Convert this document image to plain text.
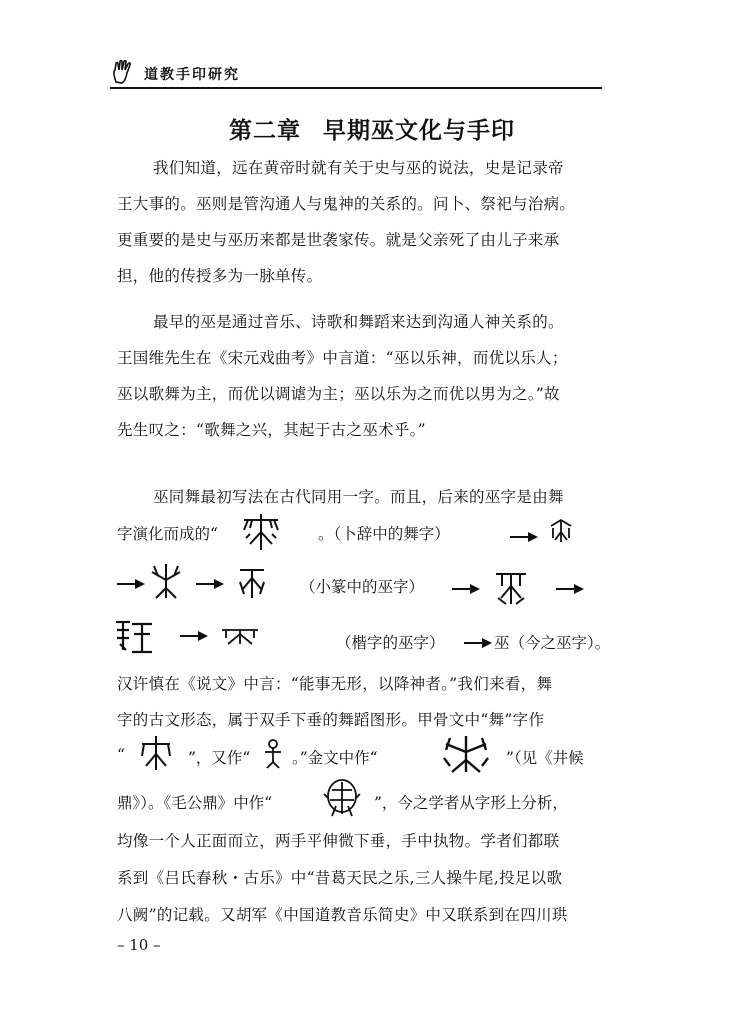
道教手印研究
第二章 早期巫文化与手印
我们知道，远在黄帝时就有关于史与巫的说法，史是记录帝
王大事的。巫则是管沟通人与鬼神的关系的。问卜、祭祀与治病。
更重要的是史与巫历来都是世袭家传。就是父亲死了由儿子来承
担，他的传授多为一脉单传。
最早的巫是通过音乐、诗歌和舞蹈来达到沟通人神关系的。
王国维先生在《宋元戏曲考》中言道：“巫以乐神，而优以乐人；
巫以歌舞为主，而优以调谑为主；巫以乐为之而优以男为之。”故
先生叹之：“歌舞之兴，其起于古之巫术乎。”
巫同舞最初写法在古代同用一字。而且，后来的巫字是由舞
字演化而成的“	。（卜辞中的舞字）
（小篆中的巫字）
（楷字的巫字）	巫（今之巫字）。
汉许慎在《说文》中言：“能事无形，以降神者。”我们来看，舞
字的古文形态，属于双手下垂的舞蹈图形。甲骨文中“舞”字作
“	”，又作“	。”金文中作“	”（见《井候
鼎》）。《毛公鼎》中作“	”，今之学者从字形上分析，
均像一个人正面而立，两手平伸微下垂，手中执物。学者们都联
系到《吕氏春秋・古乐》中“昔葛天民之乐,三人操牛尾,投足以歌
八阙”的记载。又胡军《中国道教音乐简史》中又联系到在四川珙
– 10 –
